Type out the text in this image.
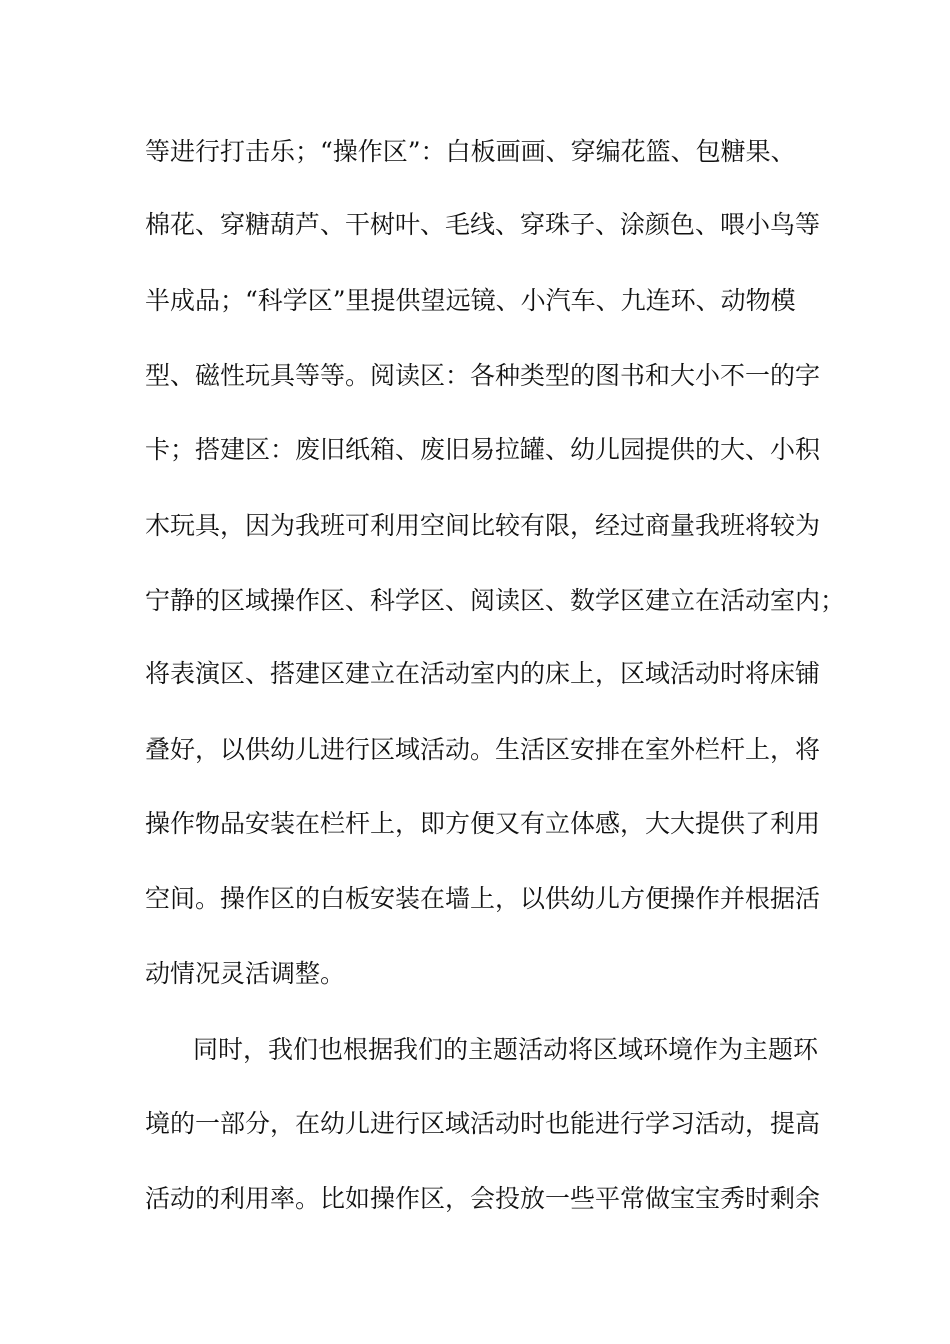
等进行打击乐；“操作区”：白板画画、穿编花篮、包糖果、
棉花、穿糖葫芦、干树叶、毛线、穿珠子、涂颜色、喂小鸟等
半成品；“科学区”里提供望远镜、小汽车、九连环、动物模
型、磁性玩具等等。阅读区：各种类型的图书和大小不一的字
卡；搭建区：废旧纸箱、废旧易拉罐、幼儿园提供的大、小积
木玩具，因为我班可利用空间比较有限，经过商量我班将较为
宁静的区域操作区、科学区、阅读区、数学区建立在活动室内；
将表演区、搭建区建立在活动室内的床上，区域活动时将床铺
叠好，以供幼儿进行区域活动。生活区安排在室外栏杆上，将
操作物品安装在栏杆上，即方便又有立体感，大大提供了利用
空间。操作区的白板安装在墙上，以供幼儿方便操作并根据活
动情况灵活调整。
同时，我们也根据我们的主题活动将区域环境作为主题环
境的一部分，在幼儿进行区域活动时也能进行学习活动，提高
活动的利用率。比如操作区，会投放一些平常做宝宝秀时剩余
